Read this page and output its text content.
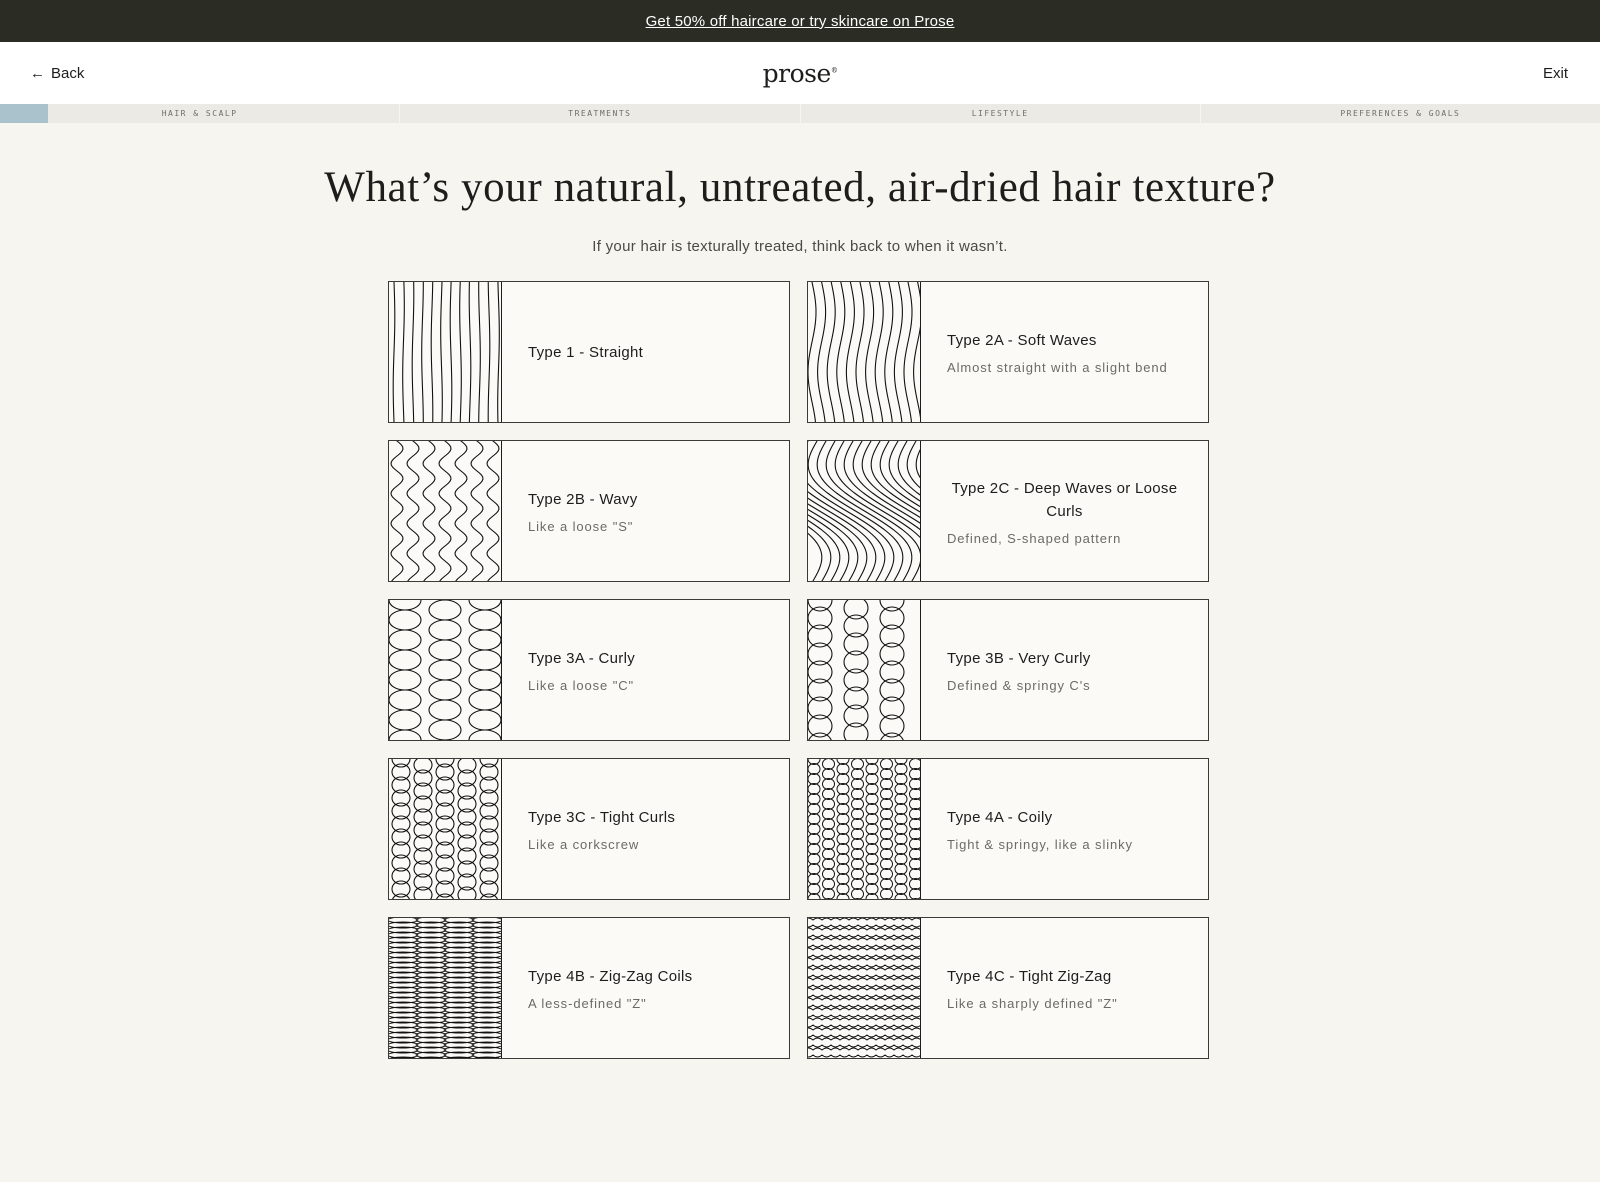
Get 50% off haircare or try skincare on Prose
← Back	prose®	Exit
HAIR & SCALP	TREATMENTS	LIFESTYLE	PREFERENCES & GOALS
What’s your natural, untreated, air-dried hair texture?

If your hair is texturally treated, think back to when it wasn’t.

Type 1 - Straight
Type 2A - Soft Waves
Almost straight with a slight bend
Type 2B - Wavy
Like a loose "S"
Type 2C - Deep Waves or Loose Curls
Defined, S-shaped pattern
Type 3A - Curly
Like a loose "C"
Type 3B - Very Curly
Defined & springy C's
Type 3C - Tight Curls
Like a corkscrew
Type 4A - Coily
Tight & springy, like a slinky
Type 4B - Zig-Zag Coils
A less-defined "Z"
Type 4C - Tight Zig-Zag
Like a sharply defined "Z"
